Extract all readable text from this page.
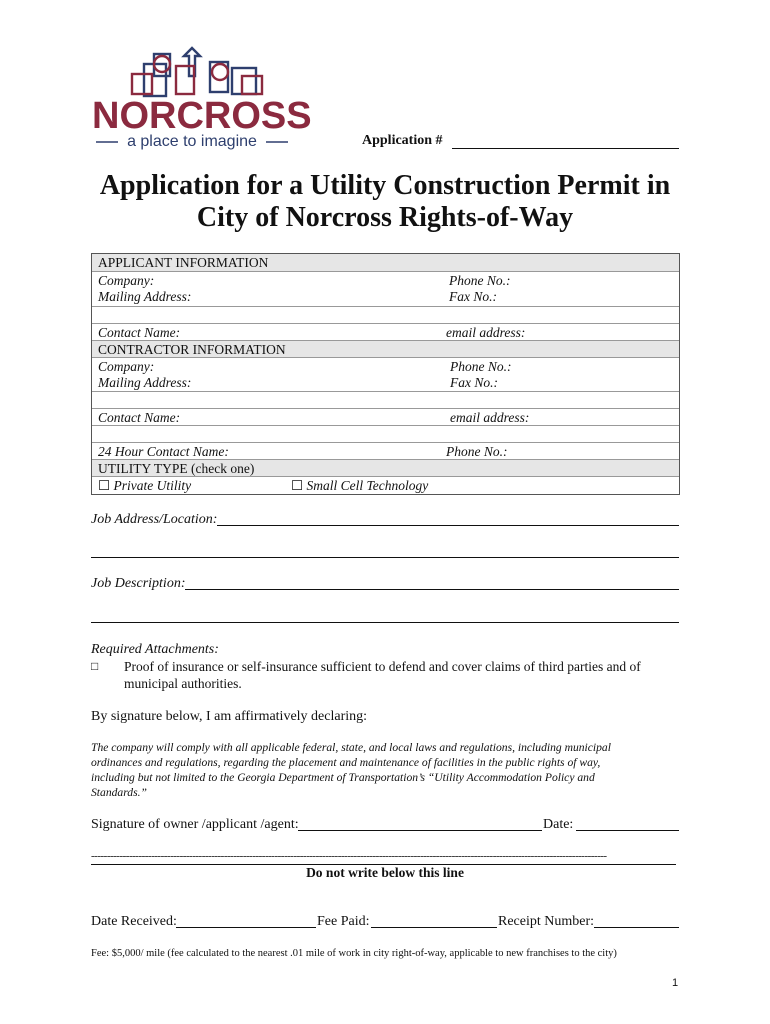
NORCROSS
a place to imagine	Application #
Application for a Utility Construction Permit in
City of Norcross Rights-of-Way
APPLICANT INFORMATION
Company:	Phone No.:
Mailing Address:	Fax No.:
Contact Name:	email address:
CONTRACTOR INFORMATION
Company:	Phone No.:
Mailing Address:	Fax No.:
Contact Name:	email address:
24 Hour Contact Name:	Phone No.:
UTILITY TYPE (check one)
☐ Private Utility	☐ Small Cell Technology
Job Address/Location:
Job Description:
Required Attachments:
□ Proof of insurance or self-insurance sufficient to defend and cover claims of third parties and of
municipal authorities.
By signature below, I am affirmatively declaring:
The company will comply with all applicable federal, state, and local laws and regulations, including municipal
ordinances and regulations, regarding the placement and maintenance of facilities in the public rights of way,
including but not limited to the Georgia Department of Transportation’s “Utility Accommodation Policy and
Standards.”
Signature of owner /applicant /agent:	Date:
-------------------------------------------------------------------------------------------------------------------------------------------------------------------
Do not write below this line
Date Received:	Fee Paid:	Receipt Number:
Fee: $5,000/ mile (fee calculated to the nearest .01 mile of work in city right-of-way, applicable to new franchises to the city)
1
